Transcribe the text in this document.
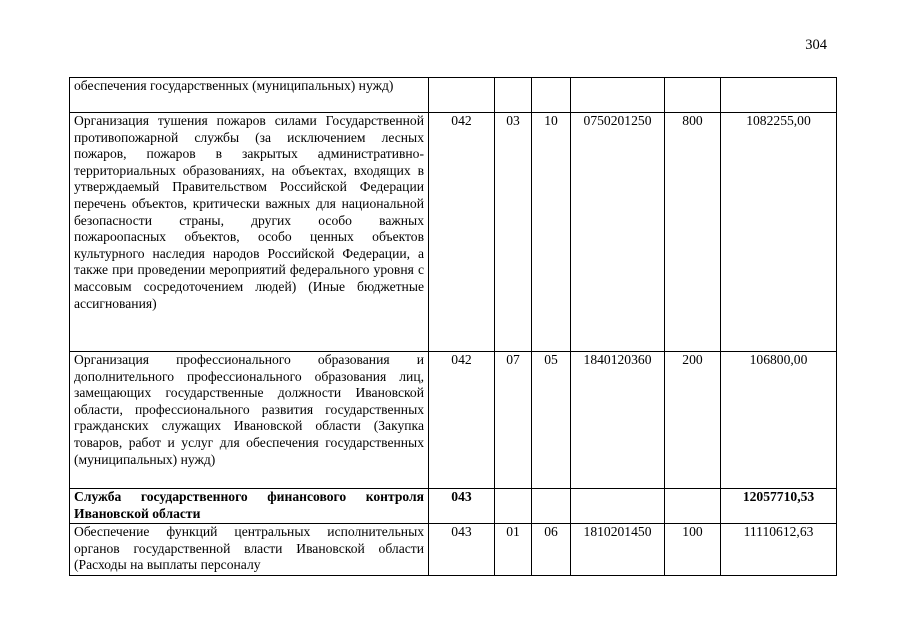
304
обеспечения государственных (муниципальных) нужд)						
Организация тушения пожаров силами Государственной противопожарной службы (за исключением лесных пожаров, пожаров в закрытых административно-территориальных образованиях, на объектах, входящих в утверждаемый Правительством Российской Федерации перечень объектов, критически важных для национальной безопасности страны, других особо важных пожароопасных объектов, особо ценных объектов культурного наследия народов Российской Федерации, а также при проведении мероприятий федерального уровня с массовым сосредоточением людей) (Иные бюджетные ассигнования)	042	03	10	0750201250	800	1082255,00
Организация профессионального образования и дополнительного профессионального образования лиц, замещающих государственные должности Ивановской области, профессионального развития государственных гражданских служащих Ивановской области (Закупка товаров, работ и услуг для обеспечения государственных (муниципальных) нужд)	042	07	05	1840120360	200	106800,00
Служба государственного финансового контроля Ивановской области	043					12057710,53
Обеспечение функций центральных исполнительных органов государственной власти Ивановской области (Расходы на выплаты персоналу	043	01	06	1810201450	100	11110612,63
